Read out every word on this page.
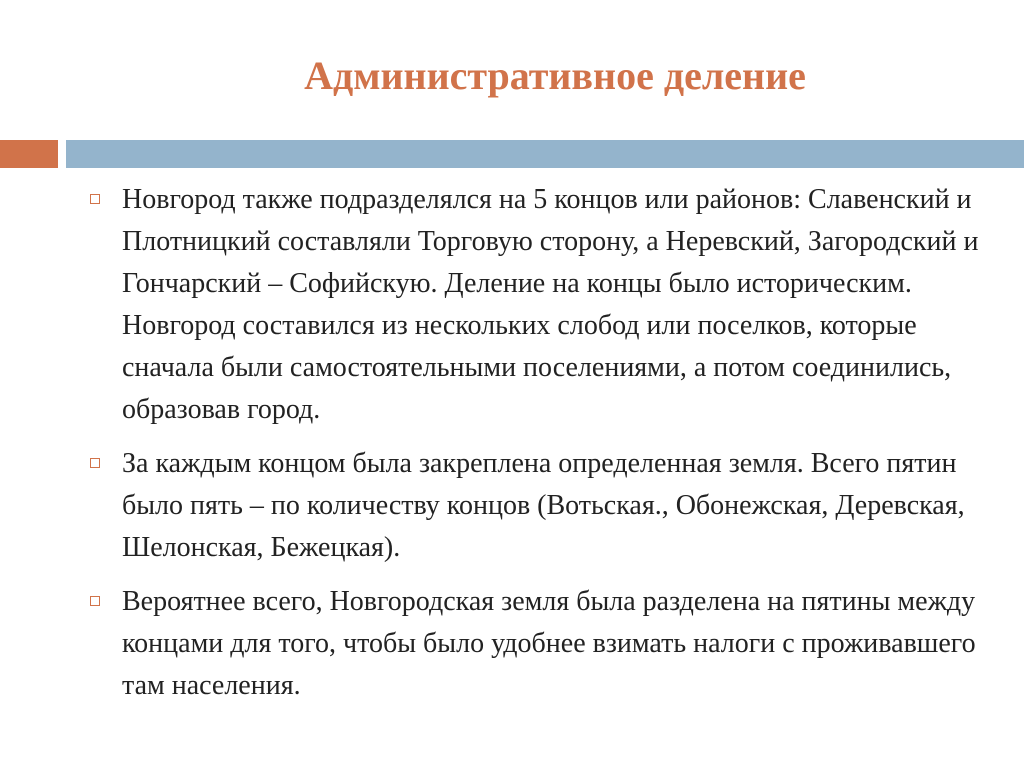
Административное деление
Новгород также подразделялся на 5 концов или районов: Славенский и Плотницкий составляли Торговую сторону, а Неревский, Загородский и Гончарский – Софийскую. Деление на концы было историческим. Новгород составился из нескольких слобод или поселков, которые сначала были самостоятельными поселениями, а потом соединились, образовав город.
За каждым концом была закреплена определенная земля. Всего пятин было пять – по количеству концов (Вотьская., Обонежская, Деревская, Шелонская, Бежецкая).
Вероятнее всего, Новгородская земля была разделена на пятины между концами для того, чтобы было удобнее взимать налоги с проживавшего там населения.
